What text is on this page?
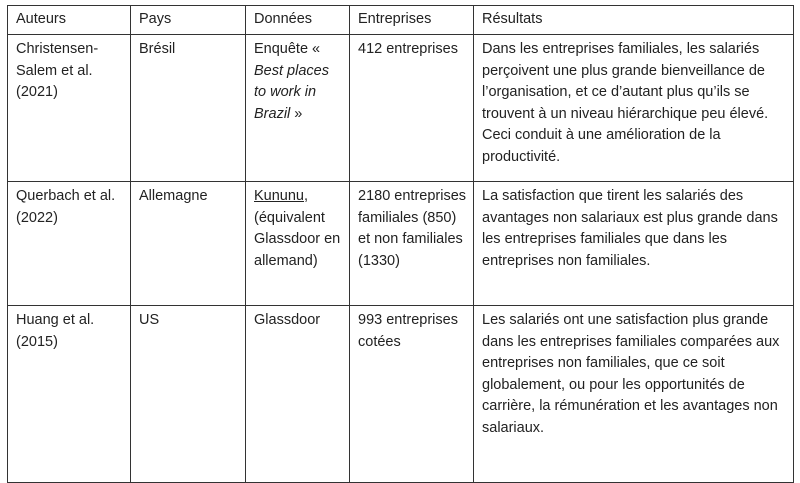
Auteurs	Pays	Données	Entreprises	Résultats
Christensen-Salem et al. (2021)	Brésil	Enquête « Best places to work in Brazil »	412 entreprises	Dans les entreprises familiales, les salariés perçoivent une plus grande bienveillance de l’organisation, et ce d’autant plus qu’ils se trouvent à un niveau hiérarchique peu élevé. Ceci conduit à une amélioration de la productivité.
Querbach et al. (2022)	Allemagne	Kununu, (équivalent Glassdoor en allemand)	2180 entreprises familiales (850) et non familiales (1330)	La satisfaction que tirent les salariés des avantages non salariaux est plus grande dans les entreprises familiales que dans les entreprises non familiales.
Huang et al. (2015)	US	Glassdoor	993 entreprises cotées	Les salariés ont une satisfaction plus grande dans les entreprises familiales comparées aux entreprises non familiales, que ce soit globalement, ou pour les opportunités de carrière, la rémunération et les avantages non salariaux.
